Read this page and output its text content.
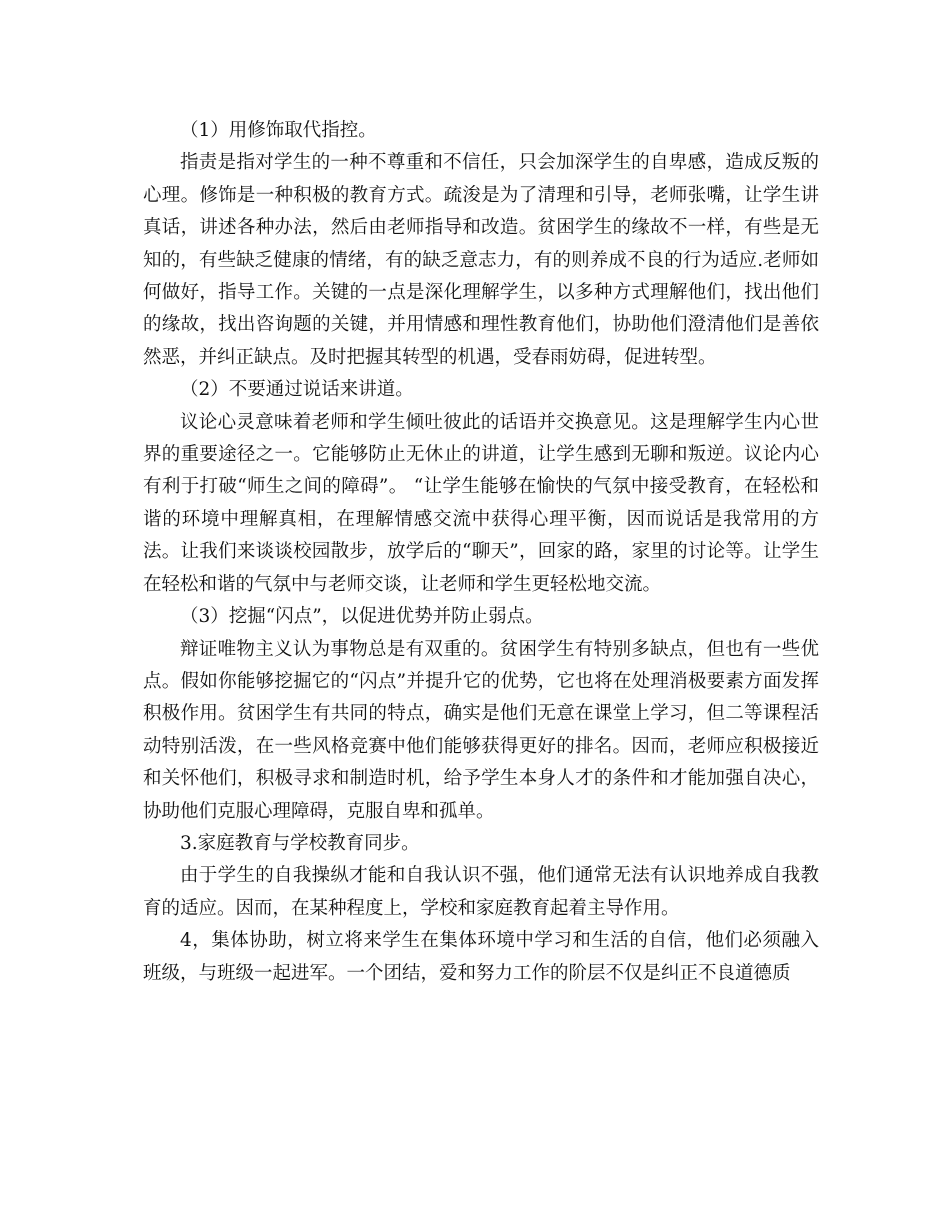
（1）用修饰取代指控。

指责是指对学生的一种不尊重和不信任，只会加深学生的自卑感，造成反叛的心理。修饰是一种积极的教育方式。疏浚是为了清理和引导，老师张嘴，让学生讲真话，讲述各种办法，然后由老师指导和改造。贫困学生的缘故不一样，有些是无知的，有些缺乏健康的情绪，有的缺乏意志力，有的则养成不良的行为适应.老师如何做好，指导工作。关键的一点是深化理解学生，以多种方式理解他们，找出他们的缘故，找出咨询题的关键，并用情感和理性教育他们，协助他们澄清他们是善依然恶，并纠正缺点。及时把握其转型的机遇，受春雨妨碍，促进转型。

（2）不要通过说话来讲道。

议论心灵意味着老师和学生倾吐彼此的话语并交换意见。这是理解学生内心世界的重要途径之一。它能够防止无休止的讲道，让学生感到无聊和叛逆。议论内心有利于打破“师生之间的障碍”。 “让学生能够在愉快的气氛中接受教育，在轻松和谐的环境中理解真相，在理解情感交流中获得心理平衡，因而说话是我常用的方法。让我们来谈谈校园散步，放学后的“聊天”，回家的路，家里的讨论等。让学生在轻松和谐的气氛中与老师交谈，让老师和学生更轻松地交流。

（3）挖掘“闪点”，以促进优势并防止弱点。

辩证唯物主义认为事物总是有双重的。贫困学生有特别多缺点，但也有一些优点。假如你能够挖掘它的“闪点”并提升它的优势，它也将在处理消极要素方面发挥积极作用。贫困学生有共同的特点，确实是他们无意在课堂上学习，但二等课程活动特别活泼，在一些风格竞赛中他们能够获得更好的排名。因而，老师应积极接近和关怀他们，积极寻求和制造时机，给予学生本身人才的条件和才能加强自决心，协助他们克服心理障碍，克服自卑和孤单。

3.家庭教育与学校教育同步。

由于学生的自我操纵才能和自我认识不强，他们通常无法有认识地养成自我教育的适应。因而，在某种程度上，学校和家庭教育起着主导作用。

4，集体协助，树立将来学生在集体环境中学习和生活的自信，他们必须融入班级，与班级一起进军。一个团结，爱和努力工作的阶层不仅是纠正不良道德质
